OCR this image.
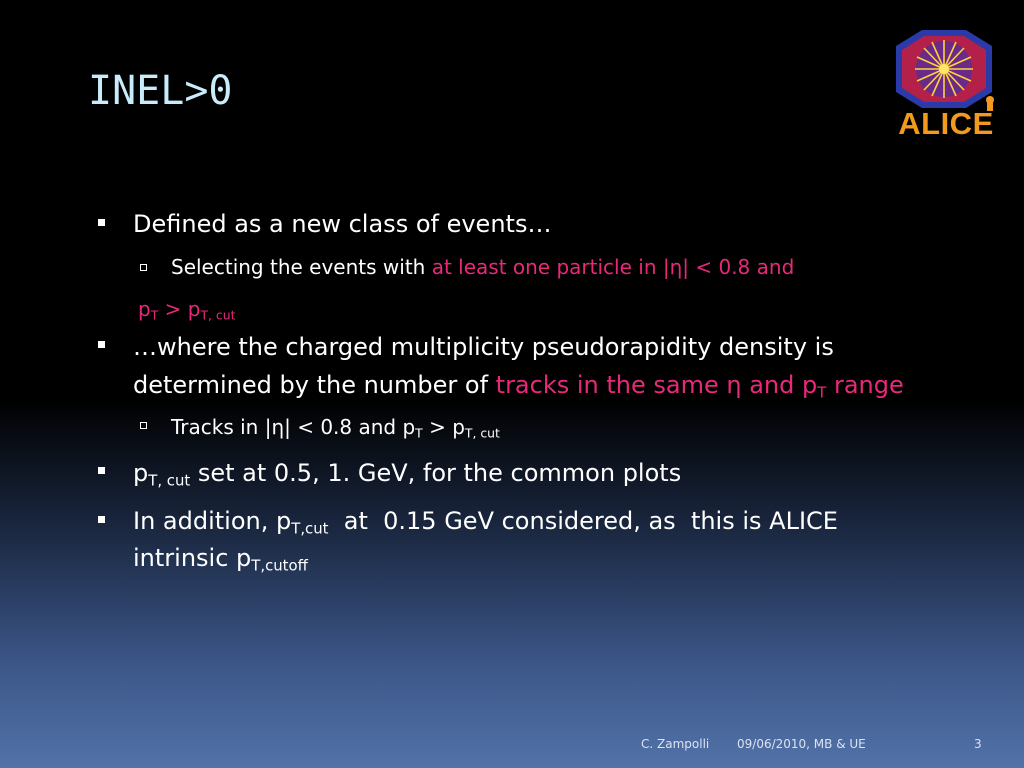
INEL>0
ALICE
Defined as a new class of events…
Selecting the events with at least one particle in |η| < 0.8 and
$p_T > p_{T, cut}$
…where the charged multiplicity pseudorapidity density is
determined by the number of tracks in the same η and $p_T$ range
Tracks in |η| < 0.8 and $p_T > p_{T, cut}$
$p_{T, cut}$ set at 0.5, 1. GeV, for the common plots
In addition, $p_{T,cut}$  at  0.15 GeV considered, as  this is ALICE
intrinsic $p_{T,cutoff}$
C. Zampolli 09/06/2010, MB & UE	3
